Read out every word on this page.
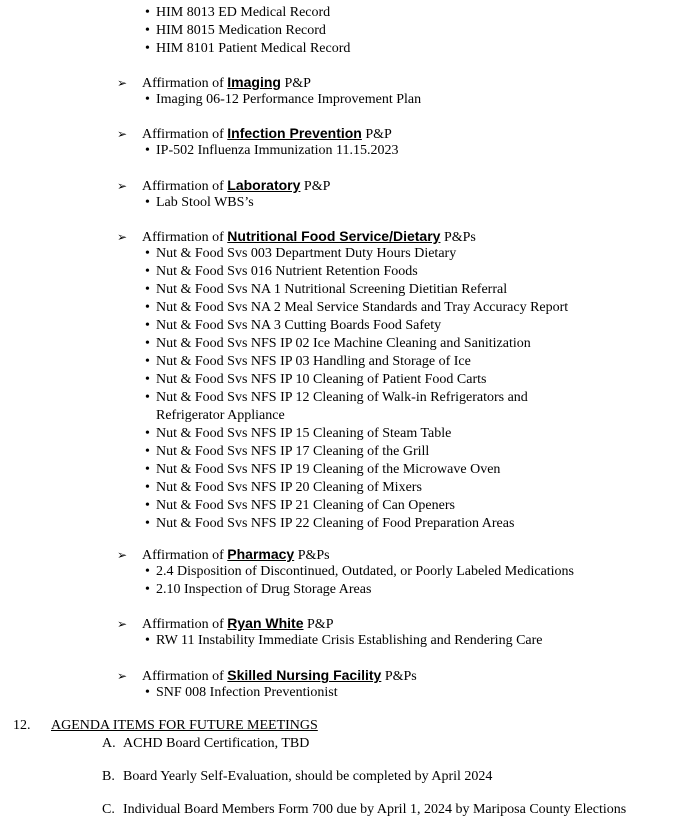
• HIM 8013 ED Medical Record
• HIM 8015 Medication Record
• HIM 8101 Patient Medical Record
➢ Affirmation of Imaging P&P
• Imaging 06-12 Performance Improvement Plan
➢ Affirmation of Infection Prevention P&P
• IP-502 Influenza Immunization 11.15.2023
➢ Affirmation of Laboratory P&P
• Lab Stool WBS’s
➢ Affirmation of Nutritional Food Service/Dietary P&Ps
• Nut & Food Svs 003 Department Duty Hours Dietary
• Nut & Food Svs 016 Nutrient Retention Foods
• Nut & Food Svs NA 1 Nutritional Screening Dietitian Referral
• Nut & Food Svs NA 2 Meal Service Standards and Tray Accuracy Report
• Nut & Food Svs NA 3 Cutting Boards Food Safety
• Nut & Food Svs NFS IP 02 Ice Machine Cleaning and Sanitization
• Nut & Food Svs NFS IP 03 Handling and Storage of Ice
• Nut & Food Svs NFS IP 10 Cleaning of Patient Food Carts
• Nut & Food Svs NFS IP 12 Cleaning of Walk-in Refrigerators and Refrigerator Appliance
• Nut & Food Svs NFS IP 15 Cleaning of Steam Table
• Nut & Food Svs NFS IP 17 Cleaning of the Grill
• Nut & Food Svs NFS IP 19 Cleaning of the Microwave Oven
• Nut & Food Svs NFS IP 20 Cleaning of Mixers
• Nut & Food Svs NFS IP 21 Cleaning of Can Openers
• Nut & Food Svs NFS IP 22 Cleaning of Food Preparation Areas
➢ Affirmation of Pharmacy P&Ps
• 2.4 Disposition of Discontinued, Outdated, or Poorly Labeled Medications
• 2.10 Inspection of Drug Storage Areas
➢ Affirmation of Ryan White P&P
• RW 11 Instability Immediate Crisis Establishing and Rendering Care
➢ Affirmation of Skilled Nursing Facility P&Ps
• SNF 008 Infection Preventionist
12. AGENDA ITEMS FOR FUTURE MEETINGS
A. ACHD Board Certification, TBD
B. Board Yearly Self-Evaluation, should be completed by April 2024
C. Individual Board Members Form 700 due by April 1, 2024 by Mariposa County Elections
